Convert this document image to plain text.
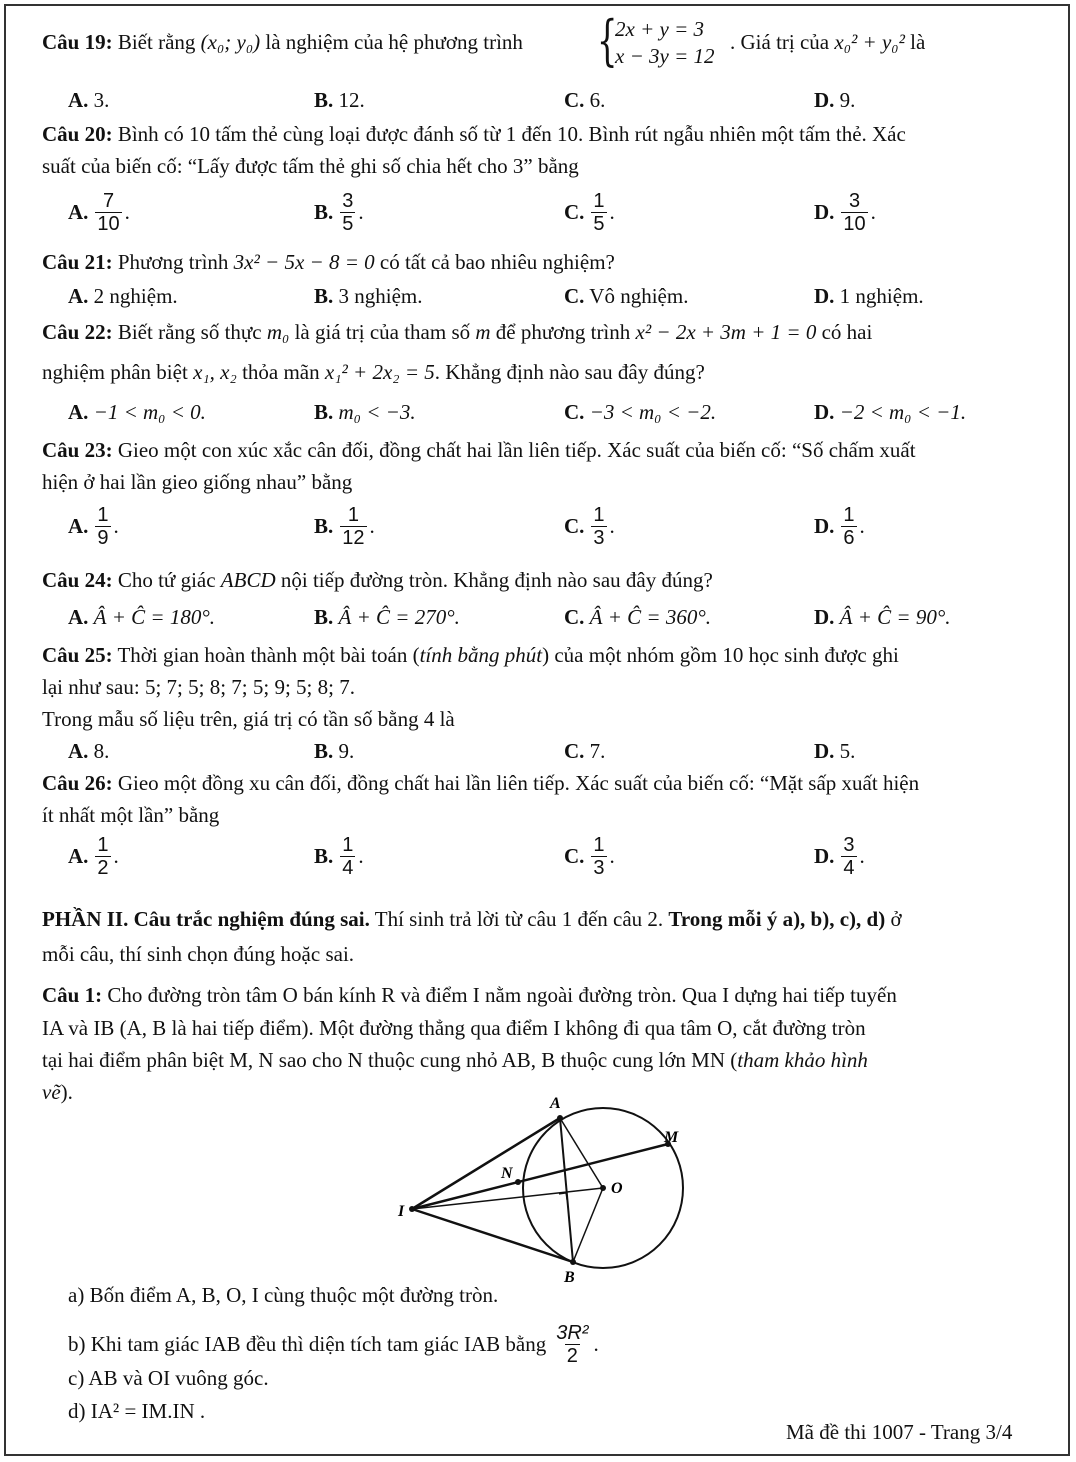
Câu 19: Biết rằng (x₀; y₀) là nghiệm của hệ phương trình {
2x + y = 3
x − 3y = 12
. Giá trị của x₀² + y₀² là
A. 3.	B. 12.	C. 6.	D. 9.
Câu 20: Bình có 10 tấm thẻ cùng loại được đánh số từ 1 đến 10. Bình rút ngẫu nhiên một tấm thẻ. Xác
suất của biến cố: “Lấy được tấm thẻ ghi số chia hết cho 3” bằng
A. $\frac{7}{10}$ .	B. $\frac{3}{5}$ .	C. $\frac{1}{5}$ .	D. $\frac{3}{10}$ .
Câu 21: Phương trình 3x² − 5x − 8 = 0 có tất cả bao nhiêu nghiệm?
A. 2 nghiệm.	B. 3 nghiệm.	C. Vô nghiệm.	D. 1 nghiệm.
Câu 22: Biết rằng số thực m₀ là giá trị của tham số m để phương trình x² − 2x + 3m + 1 = 0 có hai
nghiệm phân biệt x₁, x₂ thỏa mãn x₁² + 2x₂ = 5. Khẳng định nào sau đây đúng?
A. −1 < m₀ < 0.	B. m₀ < −3.	C. −3 < m₀ < −2.	D. −2 < m₀ < −1.
Câu 23: Gieo một con xúc xắc cân đối, đồng chất hai lần liên tiếp. Xác suất của biến cố: “Số chấm xuất
hiện ở hai lần gieo giống nhau” bằng
A. $\frac{1}{9}$ .	B. $\frac{1}{12}$ .	C. $\frac{1}{3}$ .	D. $\frac{1}{6}$ .
Câu 24: Cho tứ giác ABCD nội tiếp đường tròn. Khẳng định nào sau đây đúng?
A. Â + Ĉ = 180°.	B. Â + Ĉ = 270°.	C. Â + Ĉ = 360°.	D. Â + Ĉ = 90°.
Câu 25: Thời gian hoàn thành một bài toán (tính bằng phút) của một nhóm gồm 10 học sinh được ghi
lại như sau: 5; 7; 5; 8; 7; 5; 9; 5; 8; 7.
Trong mẫu số liệu trên, giá trị có tần số bằng 4 là
A. 8.	B. 9.	C. 7.	D. 5.
Câu 26: Gieo một đồng xu cân đối, đồng chất hai lần liên tiếp. Xác suất của biến cố: “Mặt sấp xuất hiện
ít nhất một lần” bằng
A. $\frac{1}{2}$ .	B. $\frac{1}{4}$ .	C. $\frac{1}{3}$ .	D. $\frac{3}{4}$ .
PHẦN II. Câu trắc nghiệm đúng sai. Thí sinh trả lời từ câu 1 đến câu 2. Trong mỗi ý a), b), c), d) ở
mỗi câu, thí sinh chọn đúng hoặc sai.
Câu 1: Cho đường tròn tâm O bán kính R và điểm I nằm ngoài đường tròn. Qua I dựng hai tiếp tuyến
IA và IB (A, B là hai tiếp điểm). Một đường thẳng qua điểm I không đi qua tâm O, cắt đường tròn
tại hai điểm phân biệt M, N sao cho N thuộc cung nhỏ AB, B thuộc cung lớn MN (tham khảo hình
vẽ).	A
B
M
N
O
I
a) Bốn điểm A, B, O, I cùng thuộc một đường tròn.
b) Khi tam giác IAB đều thì diện tích tam giác IAB bằng $\frac{\text{3R²}}{2}$ .
c) AB và OI vuông góc.
d) IA² = IM.IN .
Mã đề thi 1007 - Trang 3/4
